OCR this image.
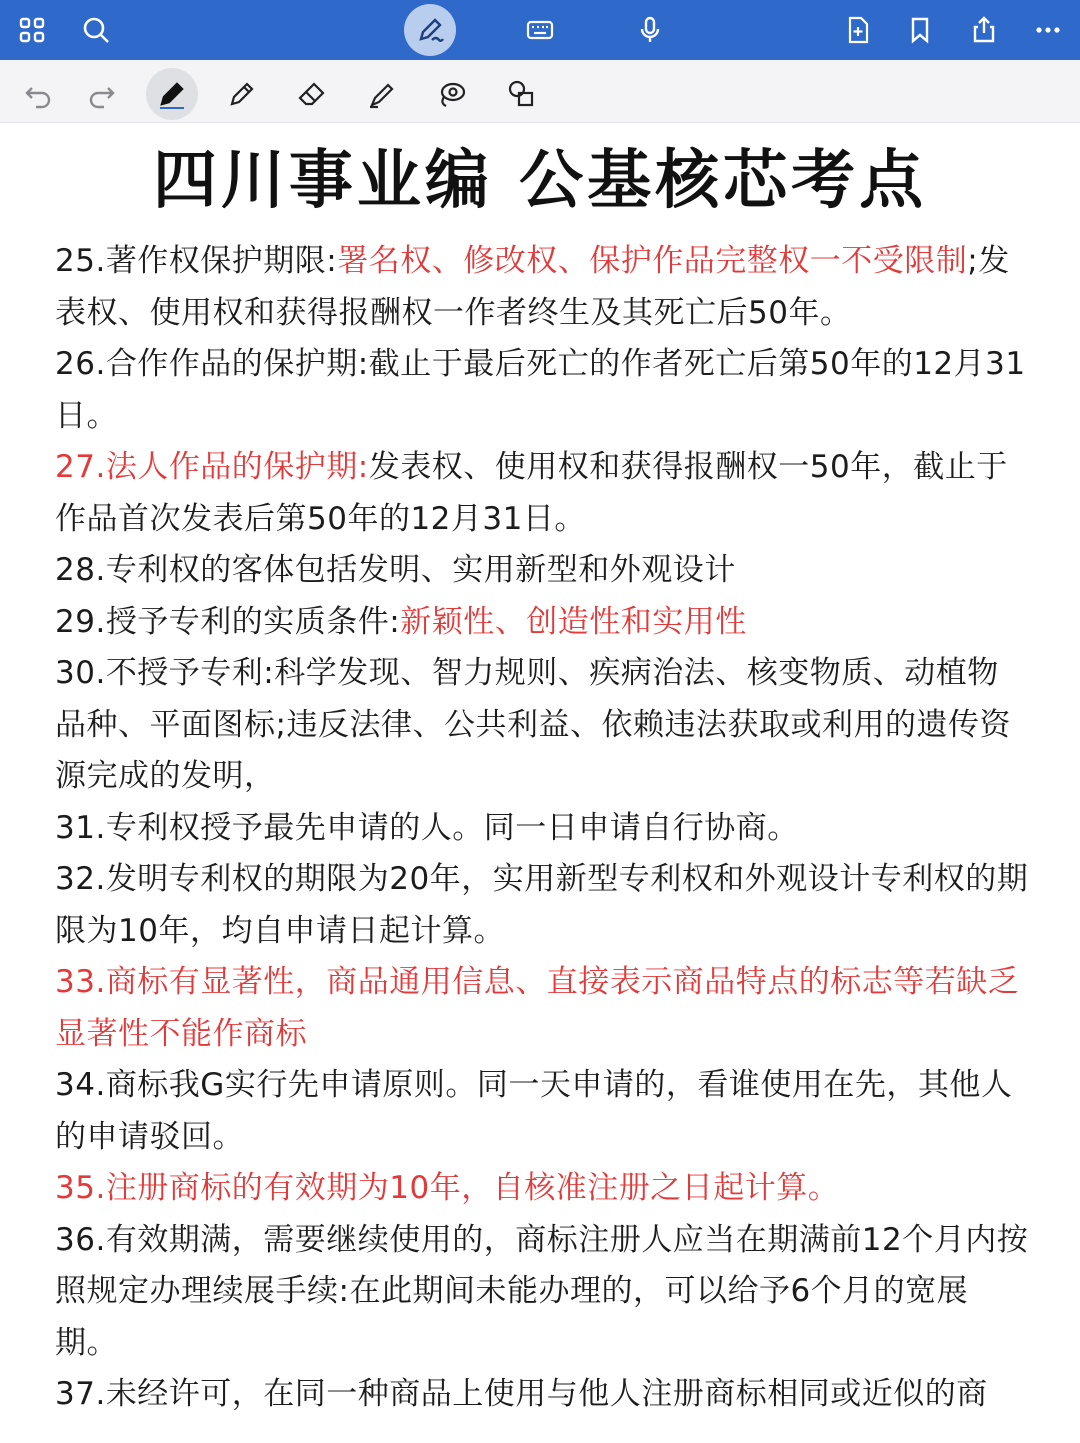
四川事业编 公基核芯考点

25.著作权保护期限:署名权、修改权、保护作品完整权一不受限制;发表权、使用权和获得报酬权一作者终生及其死亡后50年。

26.合作作品的保护期:截止于最后死亡的作者死亡后第50年的12月31日。

27.法人作品的保护期:发表权、使用权和获得报酬权一50年，截止于作品首次发表后第50年的12月31日。

28.专利权的客体包括发明、实用新型和外观设计

29.授予专利的实质条件:新颖性、创造性和实用性

30.不授予专利:科学发现、智力规则、疾病治法、核变物质、动植物品种、平面图标;违反法律、公共利益、依赖违法获取或利用的遗传资源完成的发明，

31.专利权授予最先申请的人。同一日申请自行协商。

32.发明专利权的期限为20年，实用新型专利权和外观设计专利权的期限为10年，均自申请日起计算。

33.商标有显著性，商品通用信息、直接表示商品特点的标志等若缺乏显著性不能作商标

34.商标我G实行先申请原则。同一天申请的，看谁使用在先，其他人的申请驳回。

35.注册商标的有效期为10年，自核准注册之日起计算。

36.有效期满，需要继续使用的，商标注册人应当在期满前12个月内按照规定办理续展手续:在此期间未能办理的，可以给予6个月的宽展期。

37.未经许可，在同一种商品上使用与他人注册商标相同或近似的商
